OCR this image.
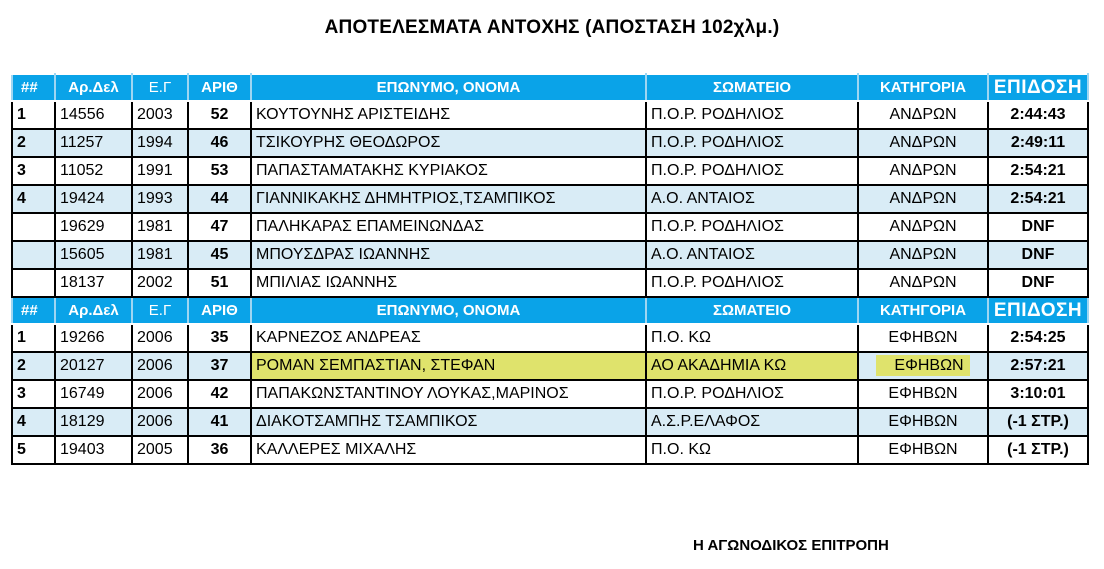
ΑΠΟΤΕΛΕΣΜΑΤΑ ΑΝΤΟΧΗΣ (ΑΠΟΣΤΑΣΗ 102χλμ.)
##	Αρ.Δελ	Ε.Γ	ΑΡΙΘ	ΕΠΩΝΥΜΟ, ΟΝΟΜΑ	ΣΩΜΑΤΕΙΟ	ΚΑΤΗΓΟΡΙΑ	ΕΠΙΔΟΣΗ
1	14556	2003	52	ΚΟΥΤΟΥΝΗΣ ΑΡΙΣΤΕΙΔΗΣ	Π.Ο.Ρ. ΡΟΔΗΛΙΟΣ	ΑΝΔΡΩΝ	2:44:43
2	11257	1994	46	ΤΣΙΚΟΥΡΗΣ ΘΕΟΔΩΡΟΣ	Π.Ο.Ρ. ΡΟΔΗΛΙΟΣ	ΑΝΔΡΩΝ	2:49:11
3	11052	1991	53	ΠΑΠΑΣΤΑΜΑΤΑΚΗΣ ΚΥΡΙΑΚΟΣ	Π.Ο.Ρ. ΡΟΔΗΛΙΟΣ	ΑΝΔΡΩΝ	2:54:21
4	19424	1993	44	ΓΙΑΝΝΙΚΑΚΗΣ ΔΗΜΗΤΡΙΟΣ,ΤΣΑΜΠΙΚΟΣ	Α.Ο. ΑΝΤΑΙΟΣ	ΑΝΔΡΩΝ	2:54:21
	19629	1981	47	ΠΑΛΗΚΑΡΑΣ ΕΠΑΜΕΙΝΩΝΔΑΣ	Π.Ο.Ρ. ΡΟΔΗΛΙΟΣ	ΑΝΔΡΩΝ	DNF
	15605	1981	45	ΜΠΟΥΣΔΡΑΣ ΙΩΑΝΝΗΣ	Α.Ο. ΑΝΤΑΙΟΣ	ΑΝΔΡΩΝ	DNF
	18137	2002	51	ΜΠΙΛΙΑΣ ΙΩΑΝΝΗΣ	Π.Ο.Ρ. ΡΟΔΗΛΙΟΣ	ΑΝΔΡΩΝ	DNF
##	Αρ.Δελ	Ε.Γ	ΑΡΙΘ	ΕΠΩΝΥΜΟ, ΟΝΟΜΑ	ΣΩΜΑΤΕΙΟ	ΚΑΤΗΓΟΡΙΑ	ΕΠΙΔΟΣΗ
1	19266	2006	35	ΚΑΡΝΕΖΟΣ ΑΝΔΡΕΑΣ	Π.Ο. ΚΩ	ΕΦΗΒΩΝ	2:54:25
2	20127	2006	37	ΡΟΜΑΝ ΣΕΜΠΑΣΤΙΑΝ, ΣΤΕΦΑΝ	ΑΟ ΑΚΑΔΗΜΙΑ ΚΩ	ΕΦΗΒΩΝ	2:57:21
3	16749	2006	42	ΠΑΠΑΚΩΝΣΤΑΝΤΙΝΟΥ ΛΟΥΚΑΣ,ΜΑΡΙΝΟΣ	Π.Ο.Ρ. ΡΟΔΗΛΙΟΣ	ΕΦΗΒΩΝ	3:10:01
4	18129	2006	41	ΔΙΑΚΟΤΣΑΜΠΗΣ ΤΣΑΜΠΙΚΟΣ	Α.Σ.Ρ.ΕΛΑΦΟΣ	ΕΦΗΒΩΝ	(-1 ΣΤΡ.)
5	19403	2005	36	ΚΑΛΛΕΡΕΣ ΜΙΧΑΛΗΣ	Π.Ο. ΚΩ	ΕΦΗΒΩΝ	(-1 ΣΤΡ.)
Η ΑΓΩΝΟΔΙΚΟΣ ΕΠΙΤΡΟΠΗ
